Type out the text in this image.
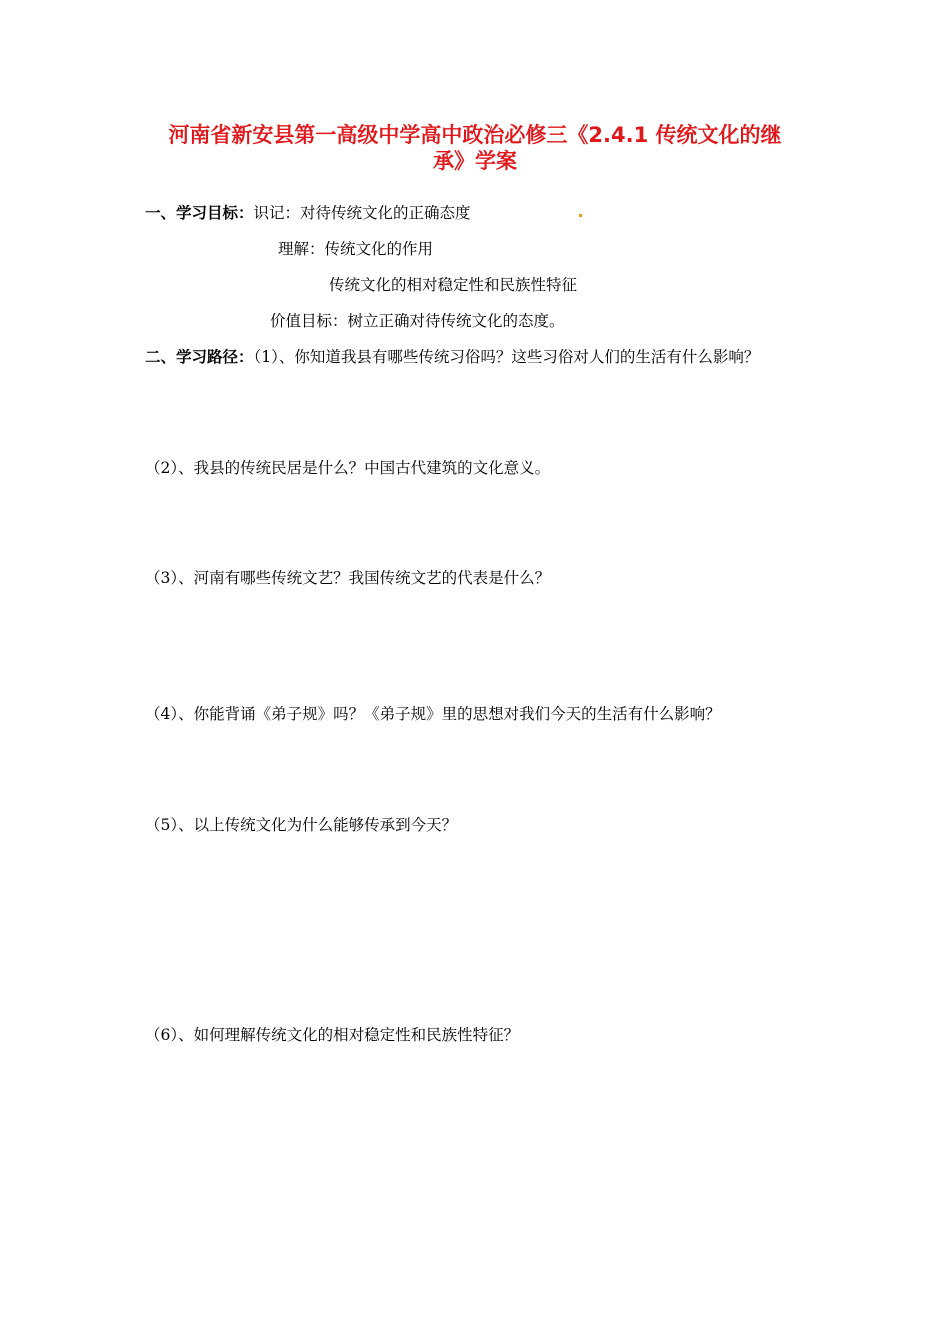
河南省新安县第一高级中学高中政治必修三《2.4.1 传统文化的继
承》学案
一、学习目标：识记：对待传统文化的正确态度
理解：传统文化的作用
传统文化的相对稳定性和民族性特征
价值目标：树立正确对待传统文化的态度。
二、学习路径：（1）、你知道我县有哪些传统习俗吗？这些习俗对人们的生活有什么影响？
（2）、我县的传统民居是什么？中国古代建筑的文化意义。
（3）、河南有哪些传统文艺？我国传统文艺的代表是什么？
（4）、你能背诵《弟子规》吗？《弟子规》里的思想对我们今天的生活有什么影响？
（5）、以上传统文化为什么能够传承到今天？
（6）、如何理解传统文化的相对稳定性和民族性特征？
